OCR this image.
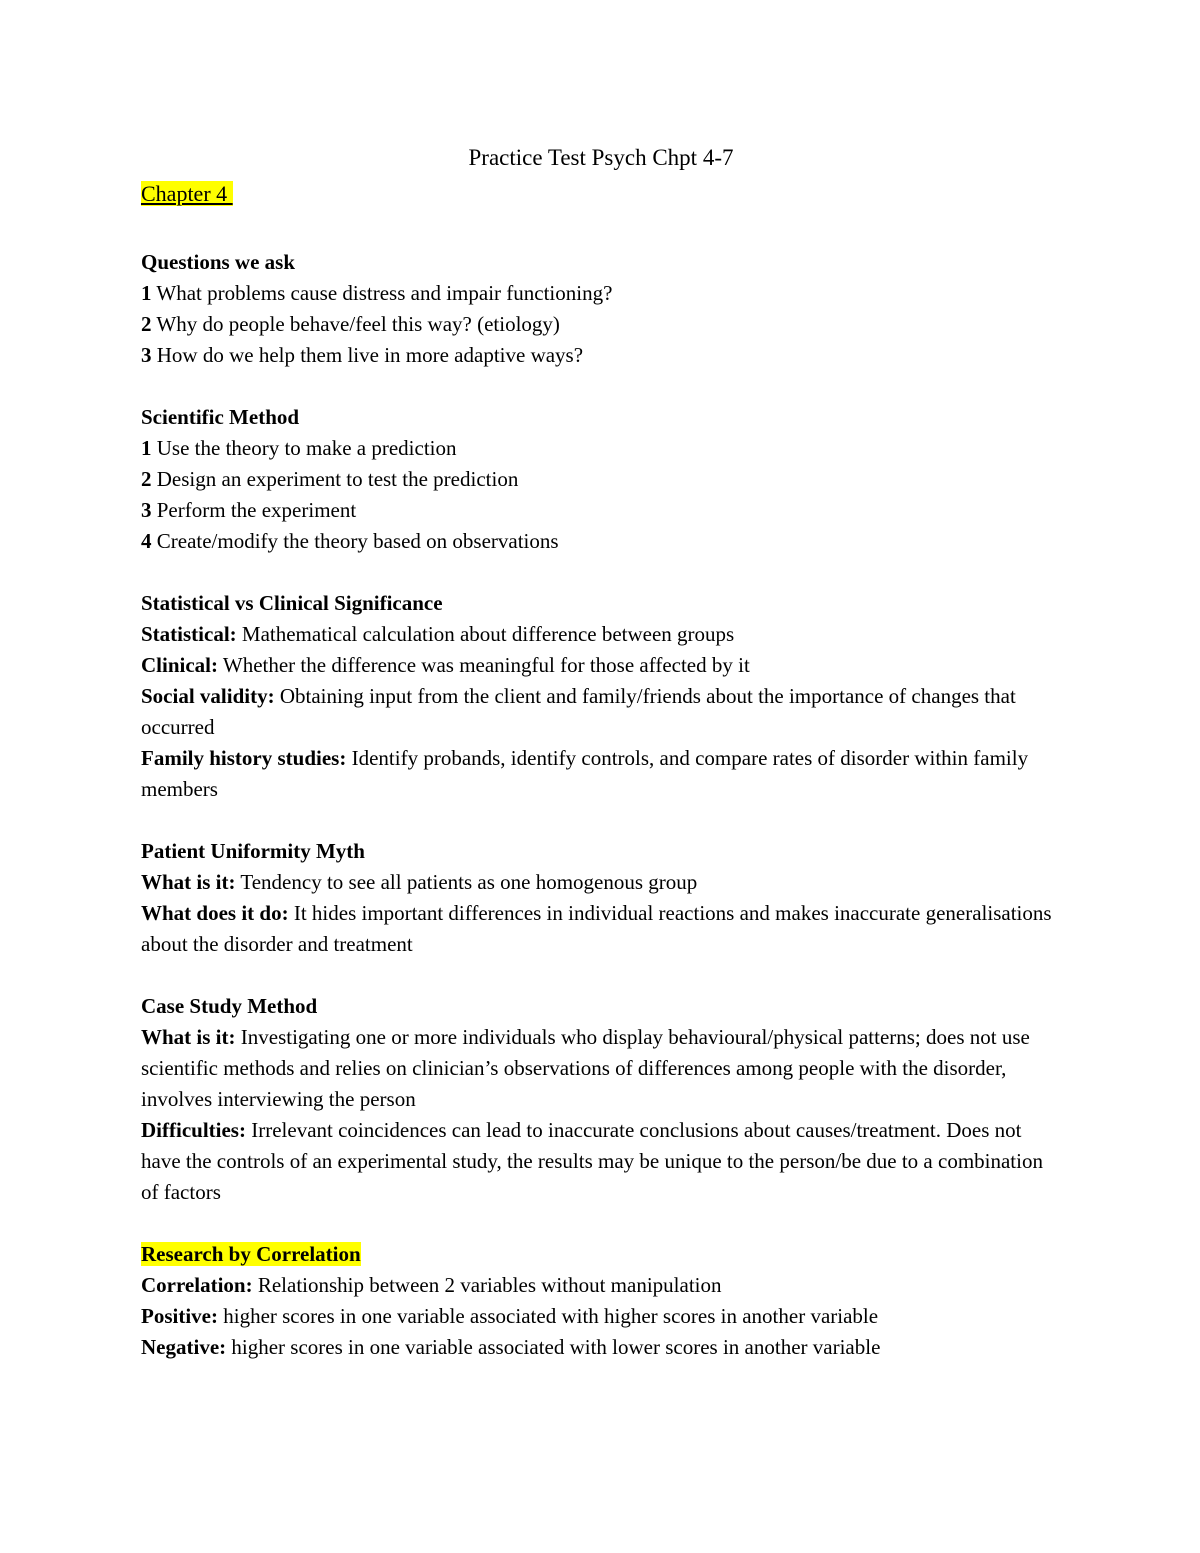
Practice Test Psych Chpt 4-7

Chapter 4

Questions we ask

1 What problems cause distress and impair functioning?

2 Why do people behave/feel this way? (etiology)

3 How do we help them live in more adaptive ways?

Scientific Method

1 Use the theory to make a prediction

2 Design an experiment to test the prediction

3 Perform the experiment

4 Create/modify the theory based on observations

Statistical vs Clinical Significance

Statistical: Mathematical calculation about difference between groups

Clinical: Whether the difference was meaningful for those affected by it

Social validity: Obtaining input from the client and family/friends about the importance of changes that occurred

Family history studies: Identify probands, identify controls, and compare rates of disorder within family members

Patient Uniformity Myth

What is it: Tendency to see all patients as one homogenous group

What does it do: It hides important differences in individual reactions and makes inaccurate generalisations about the disorder and treatment

Case Study Method

What is it: Investigating one or more individuals who display behavioural/physical patterns; does not use scientific methods and relies on clinician’s observations of differences among people with the disorder, involves interviewing the person

Difficulties: Irrelevant coincidences can lead to inaccurate conclusions about causes/treatment. Does not have the controls of an experimental study, the results may be unique to the person/be due to a combination of factors

Research by Correlation

Correlation: Relationship between 2 variables without manipulation

Positive: higher scores in one variable associated with higher scores in another variable

Negative: higher scores in one variable associated with lower scores in another variable
